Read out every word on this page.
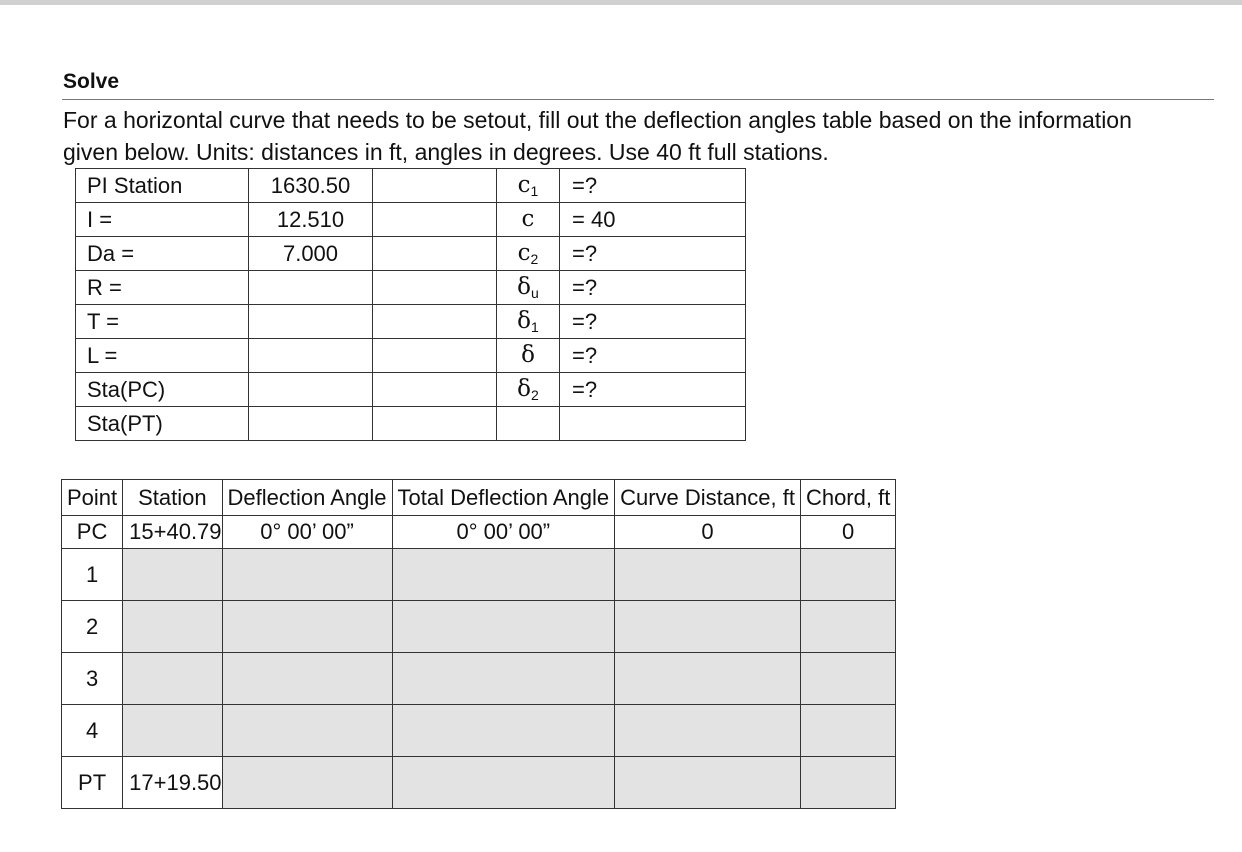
Solve
For a horizontal curve that needs to be setout, fill out the deflection angles table based on the information given below. Units: distances in ft, angles in degrees. Use 40 ft full stations.
PI Station	1630.50		$c_1$	=?
I =	12.510		c	= 40
Da =	7.000		$c_2$	=?
R =			$\delta_u$	=?
T =			$\delta_1$	=?
L =			δ	=?
Sta(PC)			$\delta_2$	=?
Sta(PT)				
Point	Station	Deflection Angle	Total Deflection Angle	Curve Distance, ft	Chord, ft
PC	15+40.79	0° 00’ 00”	0° 00’ 00”	0	0
1					
2					
3					
4					
PT	17+19.50				
